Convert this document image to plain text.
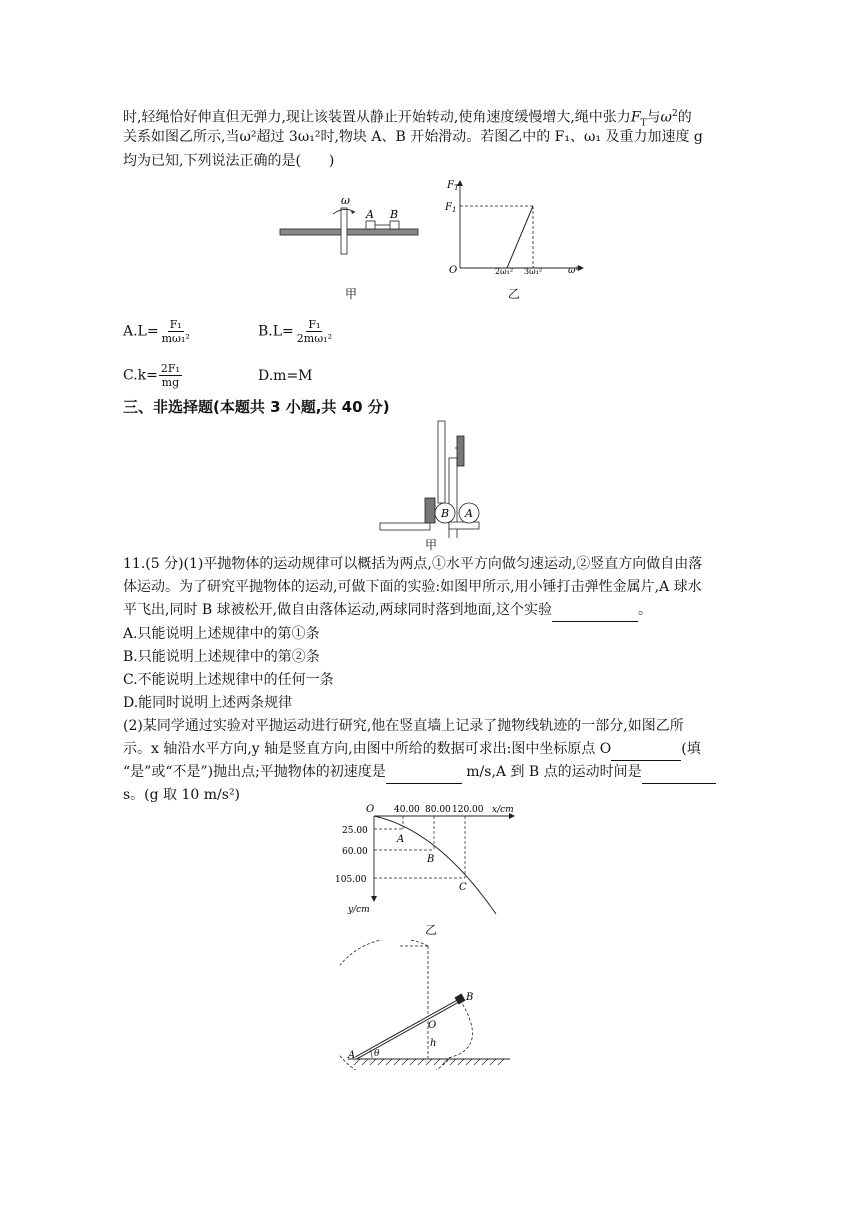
时,轻绳恰好伸直但无弹力,现让该装置从静止开始转动,使角速度缓慢增大,绳中张力$F_T$与$\omega^2$的

关系如图乙所示,当ω²超过 3ω₁²时,物块 A、B 开始滑动。若图乙中的 F₁、ω₁ 及重力加速度 g

均为已知,下列说法正确的是(　　)

ω
A B
甲
$F_T$
$F_1$
O	2ω₁² 3ω₁²	ω²
乙
$A.L= \frac{\text{F₁}}{\text{mω₁²}}$	$B.L= \frac{\text{F₁}}{\text{2mω₁²}}$
$C.k= \frac{\text{2F₁}}{mg}$	D.m=M
三、非选择题(本题共 3 小题,共 40 分)
B A
甲

11.(5 分)(1)平抛物体的运动规律可以概括为两点,①水平方向做匀速运动,②竖直方向做自由落

体运动。为了研究平抛物体的运动,可做下面的实验:如图甲所示,用小锤打击弹性金属片,A 球水

平飞出,同时 B 球被松开,做自由落体运动,两球同时落到地面,这个实验	。

A.只能说明上述规律中的第①条

B.只能说明上述规律中的第②条

C.不能说明上述规律中的任何一条

D.能同时说明上述两条规律

(2)某同学通过实验对平抛运动进行研究,他在竖直墙上记录了抛物线轨迹的一部分,如图乙所

示。x 轴沿水平方向,y 轴是竖直方向,由图中所给的数据可求出:图中坐标原点 O	(填

“是”或“不是”)抛出点;平抛物体的初速度是	m/s,A 到 B 点的运动时间是

s。(g 取 10 m/s²)

O 40.00 80.00 120.00 x/cm
25.00
60.00
105.00
y/cm
A
B
C
乙
A θ
O
h
B
